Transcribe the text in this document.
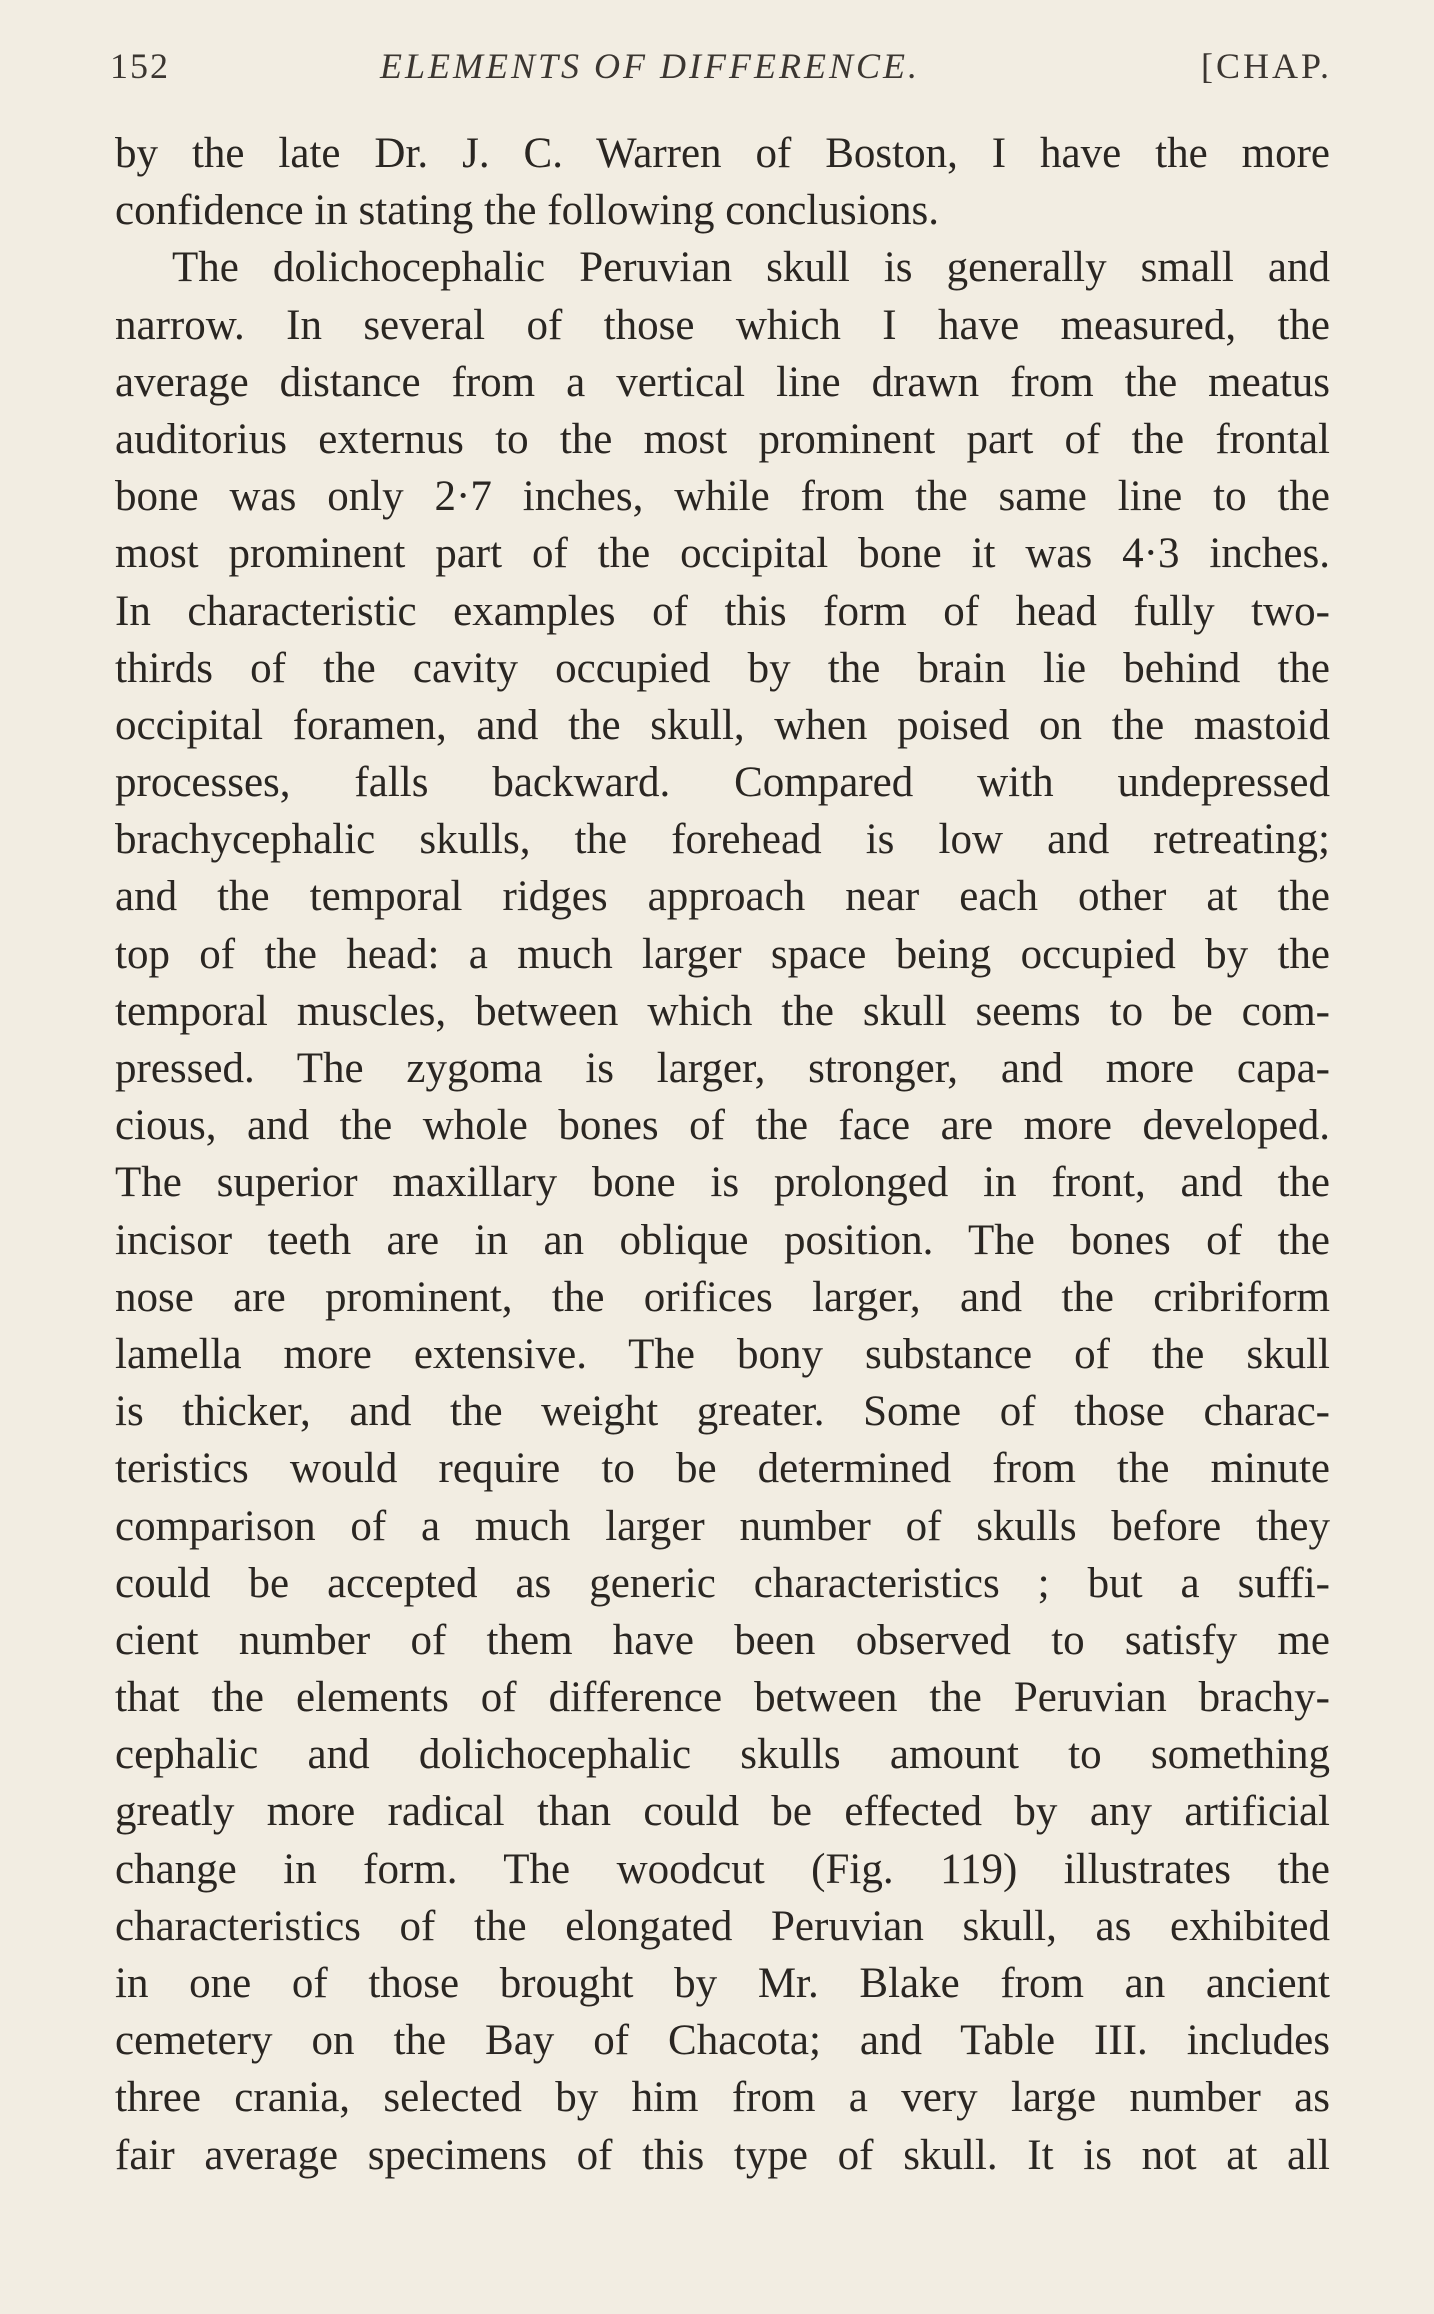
152	ELEMENTS OF DIFFERENCE.	[CHAP.
by the late Dr. J. C. Warren of Boston, I have the more
confidence in stating the following conclusions.
The dolichocephalic Peruvian skull is generally small and
narrow. In several of those which I have measured, the
average distance from a vertical line drawn from the meatus
auditorius externus to the most prominent part of the frontal
bone was only 2·7 inches, while from the same line to the
most prominent part of the occipital bone it was 4·3 inches.
In characteristic examples of this form of head fully two-
thirds of the cavity occupied by the brain lie behind the
occipital foramen, and the skull, when poised on the mastoid
processes, falls backward. Compared with undepressed
brachycephalic skulls, the forehead is low and retreating;
and the temporal ridges approach near each other at the
top of the head: a much larger space being occupied by the
temporal muscles, between which the skull seems to be com-
pressed. The zygoma is larger, stronger, and more capa-
cious, and the whole bones of the face are more developed.
The superior maxillary bone is prolonged in front, and the
incisor teeth are in an oblique position. The bones of the
nose are prominent, the orifices larger, and the cribriform
lamella more extensive. The bony substance of the skull
is thicker, and the weight greater. Some of those charac-
teristics would require to be determined from the minute
comparison of a much larger number of skulls before they
could be accepted as generic characteristics ; but a suffi-
cient number of them have been observed to satisfy me
that the elements of difference between the Peruvian brachy-
cephalic and dolichocephalic skulls amount to something
greatly more radical than could be effected by any artificial
change in form. The woodcut (Fig. 119) illustrates the
characteristics of the elongated Peruvian skull, as exhibited
in one of those brought by Mr. Blake from an ancient
cemetery on the Bay of Chacota; and Table III. includes
three crania, selected by him from a very large number as
fair average specimens of this type of skull. It is not at all
